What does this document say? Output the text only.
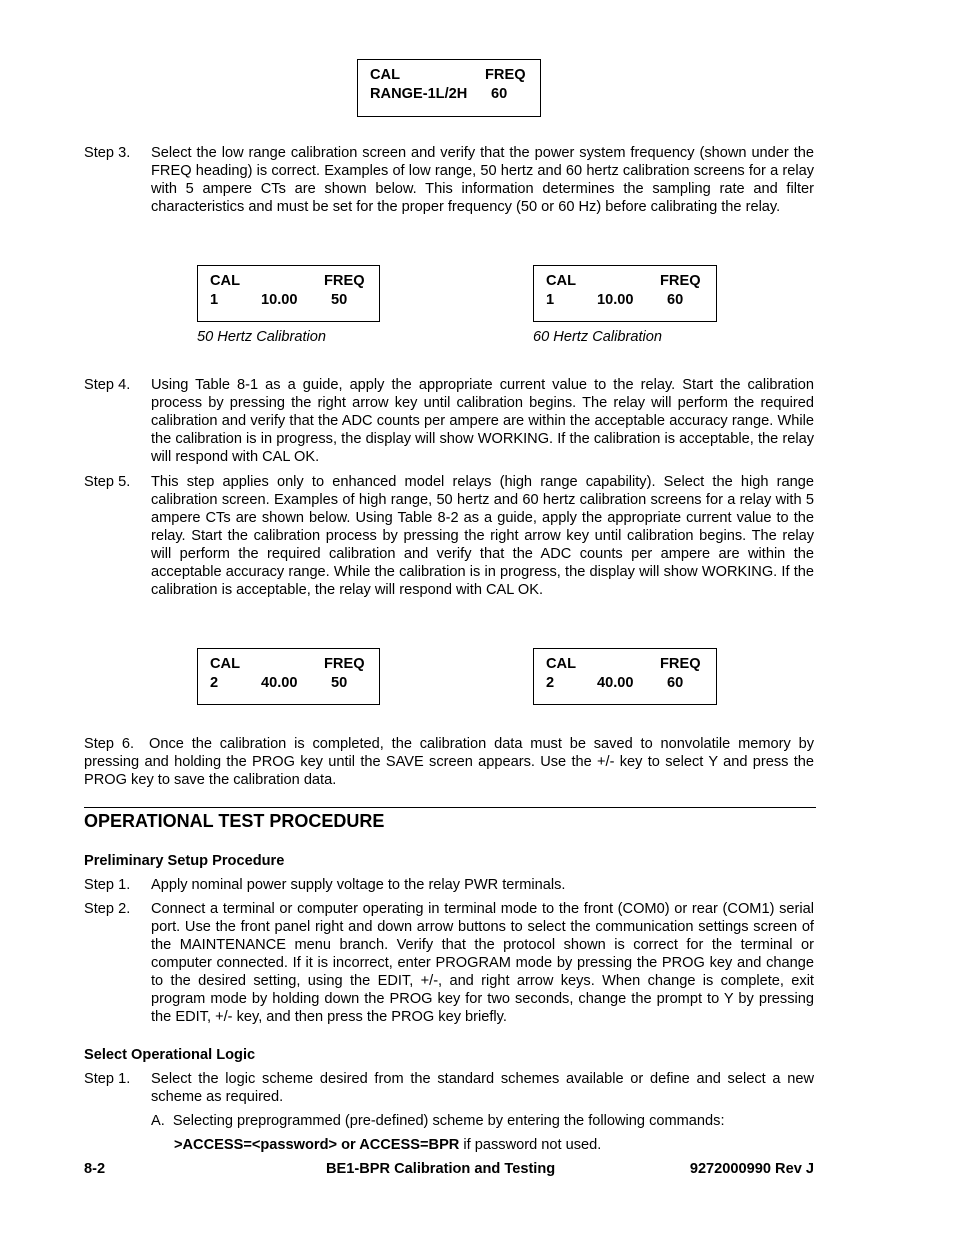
CAL	FREQ
RANGE-1L/2H 60
Step 3. Select the low range calibration screen and verify that the power system frequency (shown under the FREQ heading) is correct. Examples of low range, 50 hertz and 60 hertz calibration screens for a relay with 5 ampere CTs are shown below. This information determines the sampling rate and filter characteristics and must be set for the proper frequency (50 or 60 Hz) before calibrating the relay.
CAL	FREQ
1	10.00 50
50 Hertz Calibration
CAL	FREQ
1	10.00 60
60 Hertz Calibration
Step 4. Using Table 8-1 as a guide, apply the appropriate current value to the relay. Start the calibration process by pressing the right arrow key until calibration begins. The relay will perform the required calibration and verify that the ADC counts per ampere are within the acceptable accuracy range. While the calibration is in progress, the display will show WORKING. If the calibration is acceptable, the relay will respond with CAL OK.
Step 5. This step applies only to enhanced model relays (high range capability). Select the high range calibration screen. Examples of high range, 50 hertz and 60 hertz calibration screens for a relay with 5 ampere CTs are shown below. Using Table 8-2 as a guide, apply the appropriate current value to the relay. Start the calibration process by pressing the right arrow key until calibration begins. The relay will perform the required calibration and verify that the ADC counts per ampere are within the acceptable accuracy range. While the calibration is in progress, the display will show WORKING. If the calibration is acceptable, the relay will respond with CAL OK.
CAL	FREQ
2	40.00 50
CAL	FREQ
2	40.00 60
Step 6. Once the calibration is completed, the calibration data must be saved to nonvolatile memory by pressing and holding the PROG key until the SAVE screen appears. Use the +/- key to select Y and press the PROG key to save the calibration data.
OPERATIONAL TEST PROCEDURE
Preliminary Setup Procedure
Step 1. Apply nominal power supply voltage to the relay PWR terminals.
Step 2. Connect a terminal or computer operating in terminal mode to the front (COM0) or rear (COM1) serial port. Use the front panel right and down arrow buttons to select the communication settings screen of the MAINTENANCE menu branch. Verify that the protocol shown is correct for the terminal or computer connected. If it is incorrect, enter PROGRAM mode by pressing the PROG key and change to the desired setting, using the EDIT, +/-, and right arrow keys. When change is complete, exit program mode by holding down the PROG key for two seconds, change the prompt to Y by pressing the EDIT, +/- key, and then press the PROG key briefly.
Select Operational Logic
Step 1. Select the logic scheme desired from the standard schemes available or define and select a new scheme as required.
A.  Selecting preprogrammed (pre-defined) scheme by entering the following commands:
>ACCESS=<password> or ACCESS=BPR if password not used.
8-2	BE1-BPR Calibration and Testing	9272000990 Rev J
